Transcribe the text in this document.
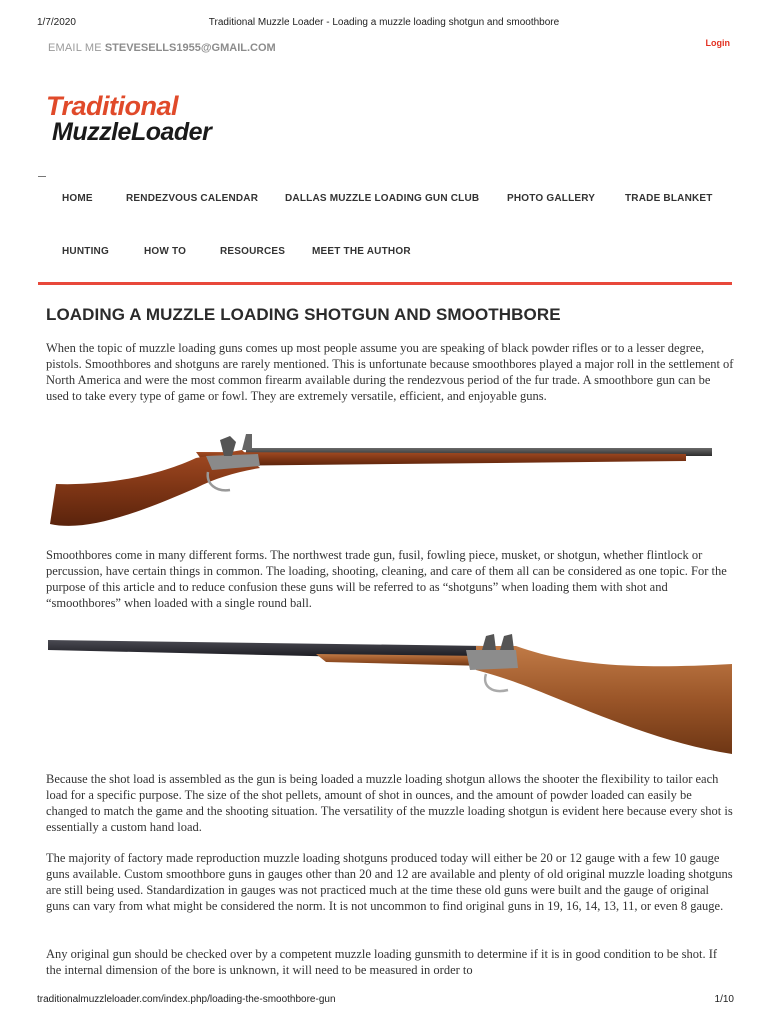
1/7/2020	Traditional Muzzle Loader - Loading a muzzle loading shotgun and smoothbore
EMAIL ME STEVESELLS1955@GMAIL.COM	Login
Traditional
MuzzleLoader
HOME	RENDEZVOUS CALENDAR	DALLAS MUZZLE LOADING GUN CLUB	PHOTO GALLERY	TRADE BLANKET
HUNTING	HOW TO	RESOURCES	MEET THE AUTHOR
LOADING A MUZZLE LOADING SHOTGUN AND SMOOTHBORE

When the topic of muzzle loading guns comes up most people assume you are speaking of black powder rifles or to a lesser degree, pistols. Smoothbores and shotguns are rarely mentioned. This is unfortunate because smoothbores played a major roll in the settlement of North America and were the most common firearm available during the rendezvous period of the fur trade. A smoothbore gun can be used to take every type of game or fowl. They are extremely versatile, efficient, and enjoyable guns.

Smoothbores come in many different forms. The northwest trade gun, fusil, fowling piece, musket, or shotgun, whether flintlock or percussion, have certain things in common. The loading, shooting, cleaning, and care of them all can be considered as one topic. For the purpose of this article and to reduce confusion these guns will be referred to as “shotguns” when loading them with shot and “smoothbores” when loaded with a single round ball.

Because the shot load is assembled as the gun is being loaded a muzzle loading shotgun allows the shooter the flexibility to tailor each load for a specific purpose. The size of the shot pellets, amount of shot in ounces, and the amount of powder loaded can easily be changed to match the game and the shooting situation. The versatility of the muzzle loading shotgun is evident here because every shot is essentially a custom hand load.

The majority of factory made reproduction muzzle loading shotguns produced today will either be 20 or 12 gauge with a few 10 gauge guns available. Custom smoothbore guns in gauges other than 20 and 12 are available and plenty of old original muzzle loading shotguns are still being used. Standardization in gauges was not practiced much at the time these old guns were built and the gauge of original guns can vary from what might be considered the norm. It is not uncommon to find original guns in 19, 16, 14, 13, 11, or even 8 gauge.

Any original gun should be checked over by a competent muzzle loading gunsmith to determine if it is in good condition to be shot. If the internal dimension of the bore is unknown, it will need to be measured in order to

traditionalmuzzleloader.com/index.php/loading-the-smoothbore-gun	1/10
